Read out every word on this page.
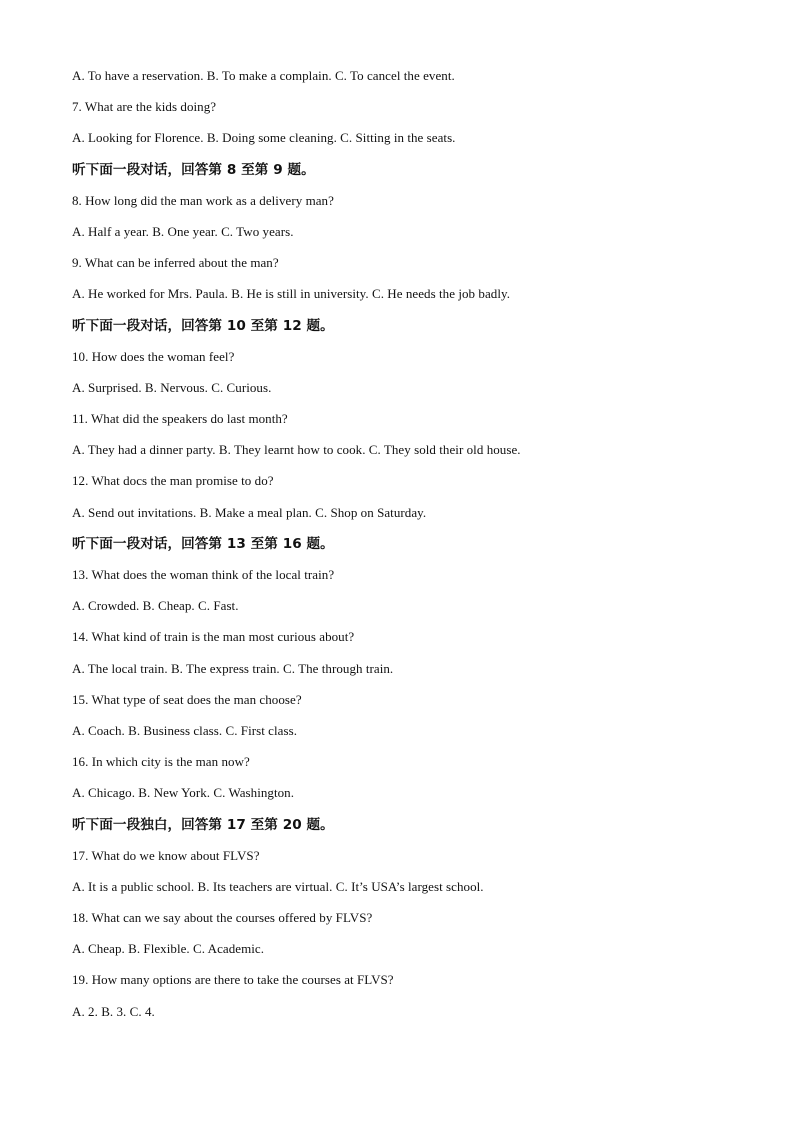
A. To have a reservation. B. To make a complain. C. To cancel the event.
7. What are the kids doing?
A. Looking for Florence. B. Doing some cleaning. C. Sitting in the seats.
听下面一段对话，回答第 8 至第 9 题。
8. How long did the man work as a delivery man?
A. Half a year. B. One year. C. Two years.
9. What can be inferred about the man?
A. He worked for Mrs. Paula. B. He is still in university. C. He needs the job badly.
听下面一段对话，回答第 10 至第 12 题。
10. How does the woman feel?
A. Surprised. B. Nervous. C. Curious.
11. What did the speakers do last month?
A. They had a dinner party. B. They learnt how to cook. C. They sold their old house.
12. What docs the man promise to do?
A. Send out invitations. B. Make a meal plan. C. Shop on Saturday.
听下面一段对话，回答第 13 至第 16 题。
13. What does the woman think of the local train?
A. Crowded. B. Cheap. C. Fast.
14. What kind of train is the man most curious about?
A. The local train. B. The express train. C. The through train.
15. What type of seat does the man choose?
A. Coach. B. Business class. C. First class.
16. In which city is the man now?
A. Chicago. B. New York. C. Washington.
听下面一段独白，回答第 17 至第 20 题。
17. What do we know about FLVS?
A. It is a public school. B. Its teachers are virtual. C. It’s USA’s largest school.
18. What can we say about the courses offered by FLVS?
A. Cheap. B. Flexible. C. Academic.
19. How many options are there to take the courses at FLVS?
A. 2. B. 3. C. 4.
